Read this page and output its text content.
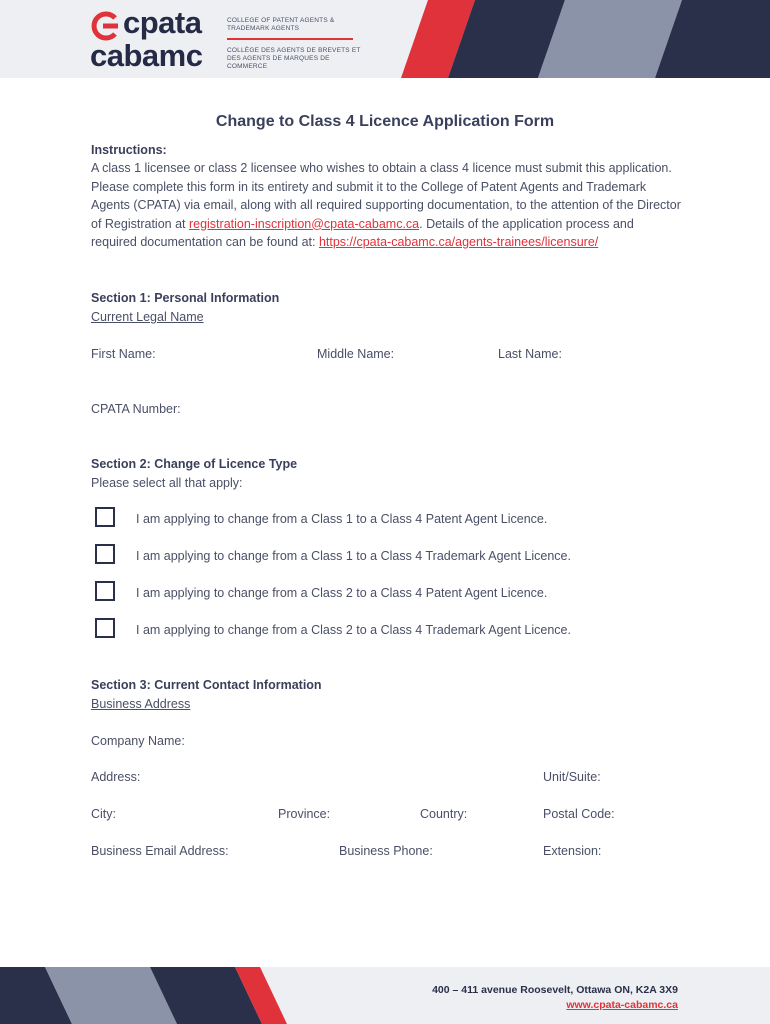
cpata
cabamc
COLLEGE OF PATENT AGENTS & TRADEMARK AGENTS
COLLÈGE DES AGENTS DE BREVETS ET DES AGENTS DE MARQUES DE COMMERCE
Change to Class 4 Licence Application Form
Instructions:
A class 1 licensee or class 2 licensee who wishes to obtain a class 4 licence must submit this application. Please complete this form in its entirety and submit it to the College of Patent Agents and Trademark Agents (CPATA) via email, along with all required supporting documentation, to the attention of the Director of Registration at registration-inscription@cpata-cabamc.ca. Details of the application process and required documentation can be found at: https://cpata-cabamc.ca/agents-trainees/licensure/
Section 1: Personal Information
Current Legal Name
First Name:	Middle Name:	Last Name:
CPATA Number:
Section 2: Change of Licence Type
Please select all that apply:
I am applying to change from a Class 1 to a Class 4 Patent Agent Licence.
I am applying to change from a Class 1 to a Class 4 Trademark Agent Licence.
I am applying to change from a Class 2 to a Class 4 Patent Agent Licence.
I am applying to change from a Class 2 to a Class 4 Trademark Agent Licence.
Section 3: Current Contact Information
Business Address
Company Name:
Address:	Unit/Suite:
City:	Province:	Country:	Postal Code:
Business Email Address:	Business Phone:	Extension:
400 – 411 avenue Roosevelt, Ottawa ON, K2A 3X9
www.cpata-cabamc.ca
